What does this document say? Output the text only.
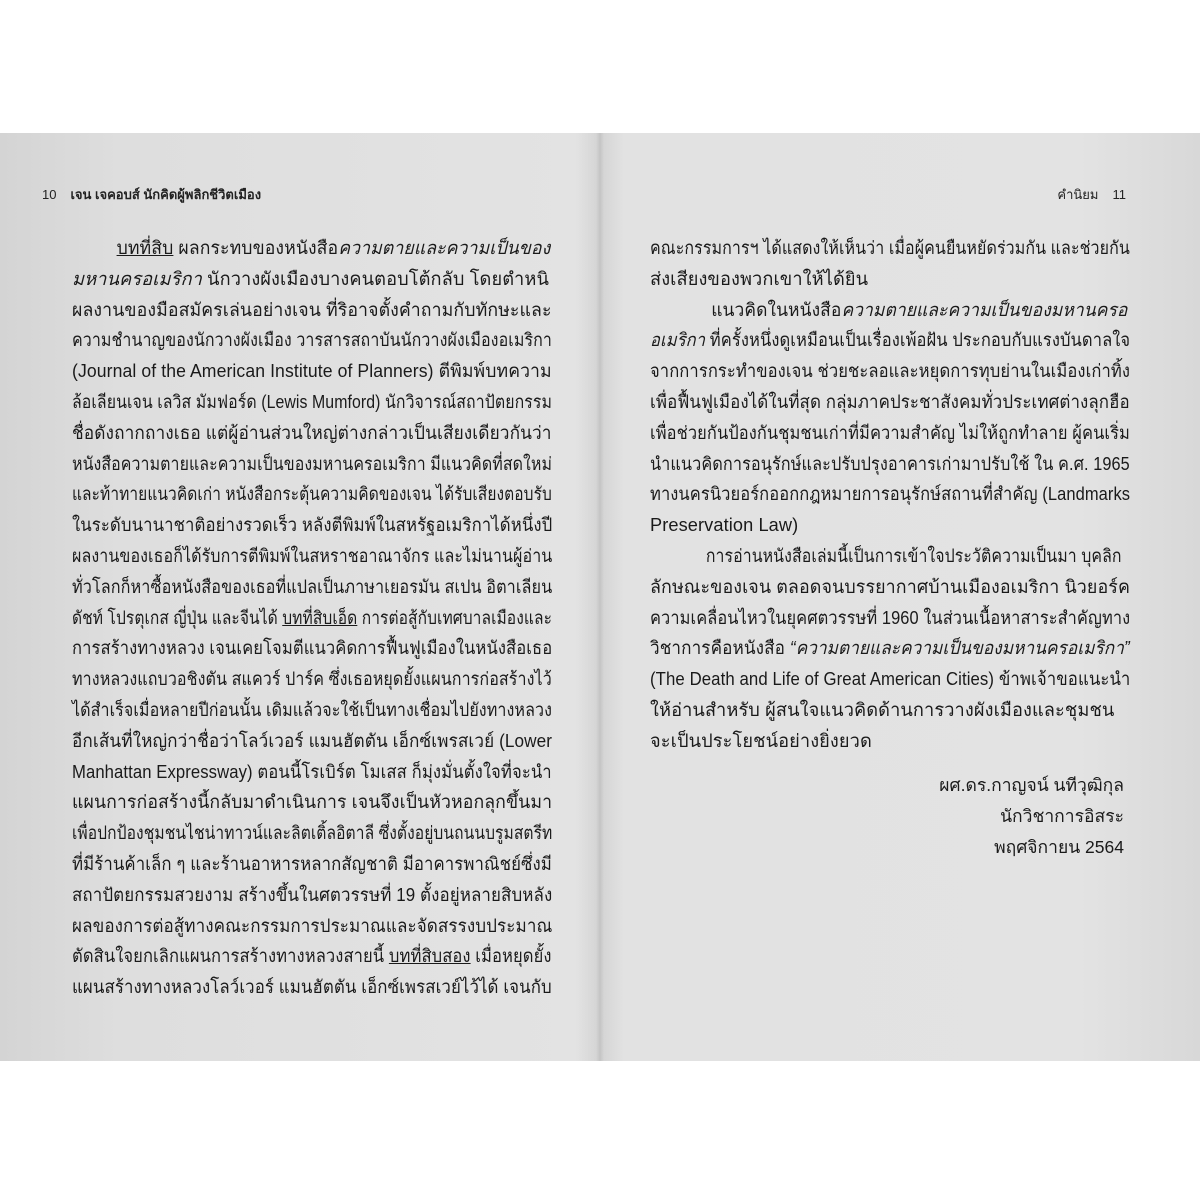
10 เจน เจคอบส์ นักคิดผู้พลิกชีวิตเมือง
บทที่สิบ ผลกระทบของหนังสือความตายและความเป็นของ
มหานครอเมริกา นักวางผังเมืองบางคนตอบโต้กลับ โดยตำหนิ
ผลงานของมือสมัครเล่นอย่างเจน ที่ริอาจตั้งคำถามกับทักษะและ
ความชำนาญของนักวางผังเมือง วารสารสถาบันนักวางผังเมืองอเมริกา
(Journal of the American Institute of Planners) ตีพิมพ์บทความ
ล้อเลียนเจน เลวิส มัมฟอร์ด (Lewis Mumford) นักวิจารณ์สถาปัตยกรรม
ชื่อดังถากถางเธอ แต่ผู้อ่านส่วนใหญ่ต่างกล่าวเป็นเสียงเดียวกันว่า
หนังสือความตายและความเป็นของมหานครอเมริกา มีแนวคิดที่สดใหม่
และท้าทายแนวคิดเก่า หนังสือกระตุ้นความคิดของเจน ได้รับเสียงตอบรับ
ในระดับนานาชาติอย่างรวดเร็ว หลังตีพิมพ์ในสหรัฐอเมริกาได้หนึ่งปี
ผลงานของเธอก็ได้รับการตีพิมพ์ในสหราชอาณาจักร และไม่นานผู้อ่าน
ทั่วโลกก็หาซื้อหนังสือของเธอที่แปลเป็นภาษาเยอรมัน สเปน อิตาเลียน
ดัชท์ โปรตุเกส ญี่ปุ่น และจีนได้ บทที่สิบเอ็ด การต่อสู้กับเทศบาลเมืองและ
การสร้างทางหลวง เจนเคยโจมตีแนวคิดการฟื้นฟูเมืองในหนังสือเธอ
ทางหลวงแถบวอชิงตัน สแควร์ ปาร์ค ซึ่งเธอหยุดยั้งแผนการก่อสร้างไว้
ได้สำเร็จเมื่อหลายปีก่อนนั้น เดิมแล้วจะใช้เป็นทางเชื่อมไปยังทางหลวง
อีกเส้นที่ใหญ่กว่าชื่อว่าโลว์เวอร์ แมนฮัตตัน เอ็กซ์เพรสเวย์ (Lower
Manhattan Expressway) ตอนนี้โรเบิร์ต โมเสส ก็มุ่งมั่นตั้งใจที่จะนำ
แผนการก่อสร้างนี้กลับมาดำเนินการ เจนจึงเป็นหัวหอกลุกขึ้นมา
เพื่อปกป้องชุมชนไชน่าทาวน์และลิตเติ้ลอิตาลี ซึ่งตั้งอยู่บนถนนบรูมสตรีท
ที่มีร้านค้าเล็ก ๆ และร้านอาหารหลากสัญชาติ มีอาคารพาณิชย์ซึ่งมี
สถาปัตยกรรมสวยงาม สร้างขึ้นในศตวรรษที่ 19 ตั้งอยู่หลายสิบหลัง
ผลของการต่อสู้ทางคณะกรรมการประมาณและจัดสรรงบประมาณ
ตัดสินใจยกเลิกแผนการสร้างทางหลวงสายนี้ บทที่สิบสอง เมื่อหยุดยั้ง
แผนสร้างทางหลวงโลว์เวอร์ แมนฮัตตัน เอ็กซ์เพรสเวย์ไว้ได้ เจนกับ
คำนิยม 11
คณะกรรมการฯ ได้แสดงให้เห็นว่า เมื่อผู้คนยืนหยัดร่วมกัน และช่วยกัน
ส่งเสียงของพวกเขาให้ได้ยิน
แนวคิดในหนังสือความตายและความเป็นของมหานครอ
อเมริกา ที่ครั้งหนึ่งดูเหมือนเป็นเรื่องเพ้อฝัน ประกอบกับแรงบันดาลใจ
จากการกระทำของเจน ช่วยชะลอและหยุดการทุบย่านในเมืองเก่าทิ้ง
เพื่อฟื้นฟูเมืองได้ในที่สุด กลุ่มภาคประชาสังคมทั่วประเทศต่างลุกฮือ
เพื่อช่วยกันป้องกันชุมชนเก่าที่มีความสำคัญ ไม่ให้ถูกทำลาย ผู้คนเริ่ม
นำแนวคิดการอนุรักษ์และปรับปรุงอาคารเก่ามาปรับใช้ ใน ค.ศ. 1965
ทางนครนิวยอร์กออกกฎหมายการอนุรักษ์สถานที่สำคัญ (Landmarks
Preservation Law)
การอ่านหนังสือเล่มนี้เป็นการเข้าใจประวัติความเป็นมา บุคลิก
ลักษณะของเจน ตลอดจนบรรยากาศบ้านเมืองอเมริกา นิวยอร์ค
ความเคลื่อนไหวในยุคศตวรรษที่ 1960 ในส่วนเนื้อหาสาระสำคัญทาง
วิชาการคือหนังสือ “ความตายและความเป็นของมหานครอเมริกา”
(The Death and Life of Great American Cities) ข้าพเจ้าขอแนะนำ
ให้อ่านสำหรับ ผู้สนใจแนวคิดด้านการวางผังเมืองและชุมชน
จะเป็นประโยชน์อย่างยิ่งยวด
ผศ.ดร.กาญจน์ นทีวุฒิกุล
นักวิชาการอิสระ
พฤศจิกายน 2564
